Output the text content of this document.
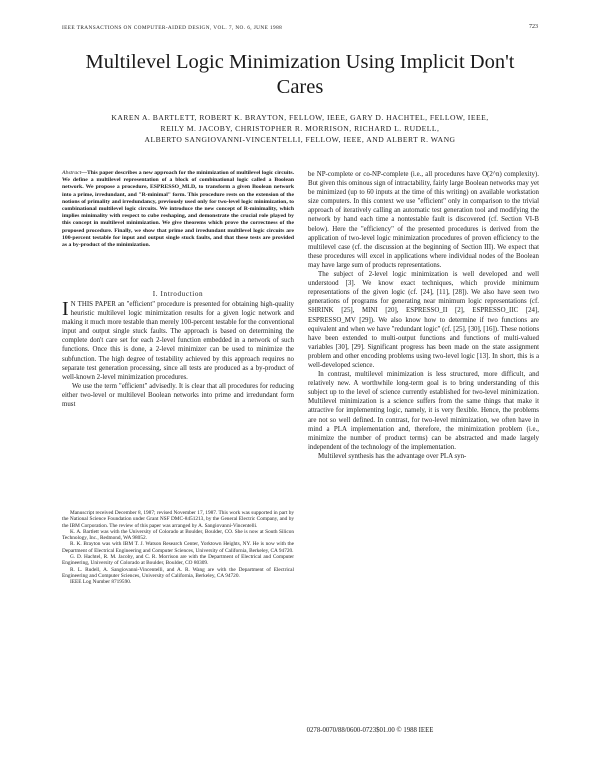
IEEE TRANSACTIONS ON COMPUTER-AIDED DESIGN, VOL. 7, NO. 6, JUNE 1988	723
Multilevel Logic Minimization Using Implicit Don't Cares
KAREN A. BARTLETT, ROBERT K. BRAYTON, FELLOW, IEEE, GARY D. HACHTEL, FELLOW, IEEE,
REILY M. JACOBY, CHRISTOPHER R. MORRISON, RICHARD L. RUDELL,
ALBERTO SANGIOVANNI-VINCENTELLI, FELLOW, IEEE, AND ALBERT R. WANG
Abstract—This paper describes a new approach for the minimization of multilevel logic circuits. We define a multilevel representation of a block of combinational logic called a Boolean network. We propose a procedure, ESPRESSO_MLD, to transform a given Boolean network into a prime, irredundant, and "R-minimal" form. This procedure rests on the extension of the notions of primality and irredundancy, previously used only for two-level logic minimization, to combinational multilevel logic circuits. We introduce the new concept of R-minimality, which implies minimality with respect to cube reshaping, and demonstrate the crucial role played by this concept in multilevel minimization. We give theorems which prove the correctness of the proposed procedure. Finally, we show that prime and irredundant multilevel logic circuits are 100-percent testable for input and output single stuck faults, and that these tests are provided as a by-product of the minimization.
I. Introduction

I N THIS PAPER an "efficient" procedure is presented for obtaining high-quality heuristic multilevel logic minimization results for a given logic network and making it much more testable than merely 100-percent testable for the conventional input and output single stuck faults. The approach is based on determining the complete don't care set for each 2-level function embedded in a network of such functions. Once this is done, a 2-level minimizer can be used to minimize the subfunction. The high degree of testability achieved by this approach requires no separate test generation processing, since all tests are produced as a by-product of well-known 2-level minimization procedures.

We use the term "efficient" advisedly. It is clear that all procedures for reducing either two-level or multilevel Boolean networks into prime and irredundant form must

Manuscript received December 8, 1987; revised November 17, 1987. This work was supported in part by the National Science Foundation under Grant NSF DMC-8451213, by the General Electric Company, and by the IBM Corporation. The review of this paper was arranged by A. Sangiovanni-Vincentelli.

K. A. Bartlett was with the University of Colorado at Boulder, Boulder, CO. She is now at South Silicon Technology, Inc., Redmond, WA 98052.

R. K. Brayton was with IBM T. J. Watson Research Center, Yorktown Heights, NY. He is now with the Department of Electrical Engineering and Computer Sciences, University of California, Berkeley, CA 94720.

G. D. Hachtel, R. M. Jacoby, and C. R. Morrison are with the Department of Electrical and Computer Engineering, University of Colorado at Boulder, Boulder, CO 80309.

R. L. Rudell, A. Sangiovanni-Vincentelli, and A. R. Wang are with the Department of Electrical Engineering and Computer Sciences, University of California, Berkeley, CA 94720.

IEEE Log Number 8719590.

be NP-complete or co-NP-complete (i.e., all procedures have O(2^n) complexity). But given this ominous sign of intractability, fairly large Boolean networks may yet be minimized (up to 60 inputs at the time of this writing) on available workstation size computers. In this context we use "efficient" only in comparison to the trivial approach of iteratively calling an automatic test generation tool and modifying the network by hand each time a nontestable fault is discovered (cf. Section VI-B below). Here the "efficiency" of the presented procedures is derived from the application of two-level logic minimization procedures of proven efficiency to the multilevel case (cf. the discussion at the beginning of Section III). We expect that these procedures will excel in applications where individual nodes of the Boolean may have large sum of products representations.

The subject of 2-level logic minimization is well developed and well understood [3]. We know exact techniques, which provide minimum representations of the given logic (cf. [24], [11], [28]). We also have seen two generations of programs for generating near minimum logic representations (cf. SHRINK [25], MINI [20], ESPRESSO_II [2], ESPRESSO_IIC [24], ESPRESSO_MV [29]). We also know how to determine if two functions are equivalent and when we have "redundant logic" (cf. [25], [30], [16]). These notions have been extended to multi-output functions and functions of multi-valued variables [30], [29]. Significant progress has been made on the state assignment problem and other encoding problems using two-level logic [13]. In short, this is a well-developed science.

In contrast, multilevel minimization is less structured, more difficult, and relatively new. A worthwhile long-term goal is to bring understanding of this subject up to the level of science currently established for two-level minimization. Multilevel minimization is a science suffers from the same things that make it attractive for implementing logic, namely, it is very flexible. Hence, the problems are not so well defined. In contrast, for two-level minimization, we often have in mind a PLA implementation and, therefore, the minimization problem (i.e., minimize the number of product terms) can be abstracted and made largely independent of the technology of the implementation.

Multilevel synthesis has the advantage over PLA syn-

0278-0070/88/0600-0723$01.00 © 1988 IEEE
